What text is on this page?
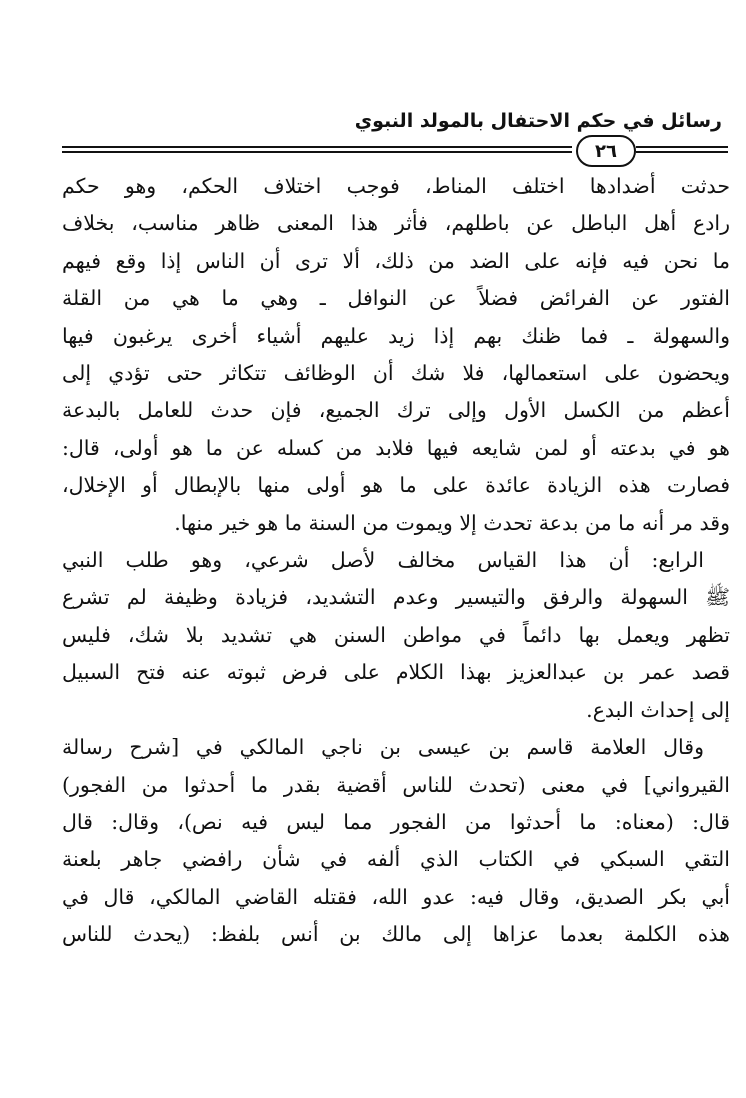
رسائل في حكم الاحتفال بالمولد النبوي
٢٦
حدثت أضدادها اختلف المناط، فوجب اختلاف الحكم، وهو حكم
رادع أهل الباطل عن باطلهم، فأثر هذا المعنى ظاهر مناسب، بخلاف
ما نحن فيه فإنه على الضد من ذلك، ألا ترى أن الناس إذا وقع فيهم
الفتور عن الفرائض فضلاً عن النوافل ـ وهي ما هي من القلة
والسهولة ـ فما ظنك بهم إذا زيد عليهم أشياء أخرى يرغبون فيها
ويحضون على استعمالها، فلا شك أن الوظائف تتكاثر حتى تؤدي إلى
أعظم من الكسل الأول وإلى ترك الجميع، فإن حدث للعامل بالبدعة
هو في بدعته أو لمن شايعه فيها فلابد من كسله عن ما هو أولى، قال:
فصارت هذه الزيادة عائدة على ما هو أولى منها بالإبطال أو الإخلال،
وقد مر أنه ما من بدعة تحدث إلا ويموت من السنة ما هو خير منها.
الرابع: أن هذا القياس مخالف لأصل شرعي، وهو طلب النبي
ﷺ السهولة والرفق والتيسير وعدم التشديد، فزيادة وظيفة لم تشرع
تظهر ويعمل بها دائماً في مواطن السنن هي تشديد بلا شك، فليس
قصد عمر بن عبدالعزيز بهذا الكلام على فرض ثبوته عنه فتح السبيل
إلى إحداث البدع.
وقال العلامة قاسم بن عيسى بن ناجي المالكي في [شرح رسالة
القيرواني] في معنى (تحدث للناس أقضية بقدر ما أحدثوا من الفجور)
قال: (معناه: ما أحدثوا من الفجور مما ليس فيه نص)، وقال: قال
التقي السبكي في الكتاب الذي ألفه في شأن رافضي جاهر بلعنة
أبي بكر الصديق، وقال فيه: عدو الله، فقتله القاضي المالكي، قال في
هذه الكلمة بعدما عزاها إلى مالك بن أنس بلفظ: (يحدث للناس
